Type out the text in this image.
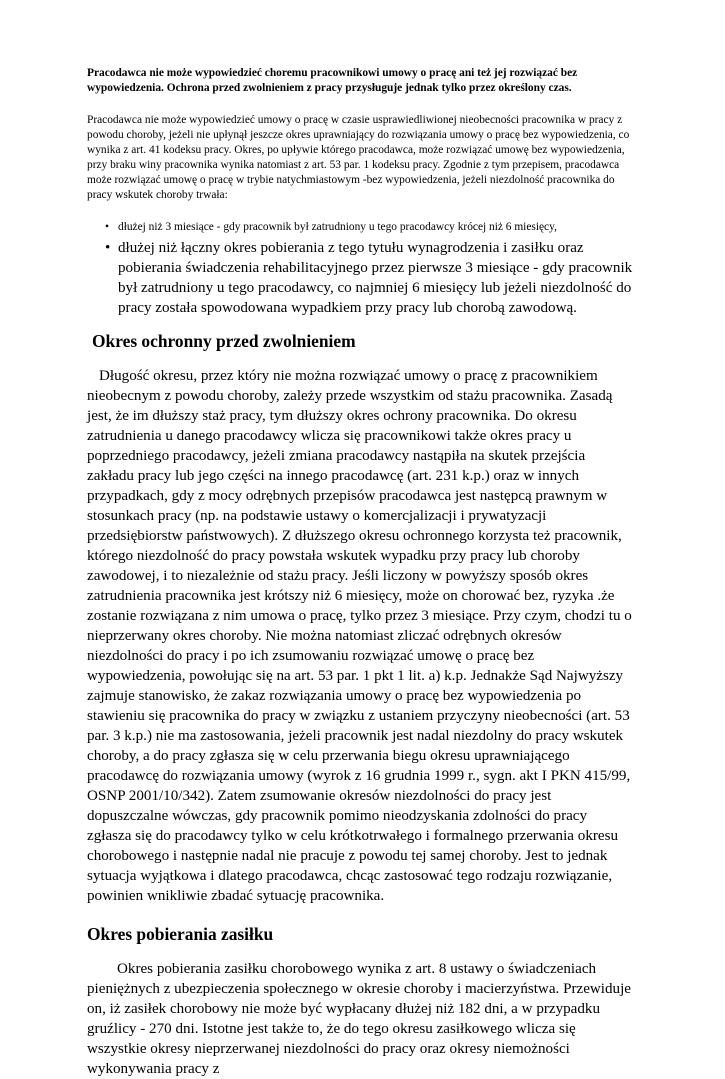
Pracodawca nie może wypowiedzieć choremu pracownikowi umowy o pracę ani też jej rozwiązać bez wypowiedzenia. Ochrona przed zwolnieniem z pracy przysługuje jednak tylko przez określony czas.

Pracodawca nie może wypowiedzieć umowy o pracę w czasie usprawiedliwionej nieobecności pracownika w pracy z powodu choroby, jeżeli nie upłynął jeszcze okres uprawniający do rozwiązania umowy o pracę bez wypowiedzenia, co wynika z art. 41 kodeksu pracy. Okres, po upływie którego pracodawca, może rozwiązać umowę bez wypowiedzenia, przy braku winy pracownika wynika natomiast z art. 53 par. 1 kodeksu pracy. Zgodnie z tym przepisem, pracodawca może rozwiązać umowę o pracę w trybie natychmiastowym -bez wypowiedzenia, jeżeli niezdolność pracownika do pracy wskutek choroby trwała:

• dłużej niż 3 miesiące - gdy pracownik był zatrudniony u tego pracodawcy krócej niż 6 miesięcy,
• dłużej niż łączny okres pobierania z tego tytułu wynagrodzenia i zasiłku oraz pobierania świadczenia rehabilitacyjnego przez pierwsze 3 miesiące - gdy pracownik był zatrudniony u tego pracodawcy, co najmniej 6 miesięcy lub jeżeli niezdolność do pracy została spowodowana wypadkiem przy pracy lub chorobą zawodową.
Okres ochronny przed zwolnieniem

Długość okresu, przez który nie można rozwiązać umowy o pracę z pracownikiem nieobecnym z powodu choroby, zależy przede wszystkim od stażu pracownika. Zasadą jest, że im dłuższy staż pracy, tym dłuższy okres ochrony pracownika. Do okresu zatrudnienia u danego pracodawcy wlicza się pracownikowi także okres pracy u poprzedniego pracodawcy, jeżeli zmiana pracodawcy nastąpiła na skutek przejścia zakładu pracy lub jego części na innego pracodawcę (art. 231 k.p.) oraz w innych przypadkach, gdy z mocy odrębnych przepisów pracodawca jest następcą prawnym w stosunkach pracy (np. na podstawie ustawy o komercjalizacji i prywatyzacji przedsiębiorstw państwowych). Z dłuższego okresu ochronnego korzysta też pracownik, którego niezdolność do pracy powstała wskutek wypadku przy pracy lub choroby zawodowej, i to niezależnie od stażu pracy. Jeśli liczony w powyższy sposób okres zatrudnienia pracownika jest krótszy niż 6 miesięcy, może on chorować bez, ryzyka .że zostanie rozwiązana z nim umowa o pracę, tylko przez 3 miesiące. Przy czym, chodzi tu o nieprzerwany okres choroby. Nie można natomiast zliczać odrębnych okresów niezdolności do pracy i po ich zsumowaniu rozwiązać umowę o pracę bez wypowiedzenia, powołując się na art. 53 par. 1 pkt 1 lit. a) k.p. Jednakże Sąd Najwyższy zajmuje stanowisko, że zakaz rozwiązania umowy o pracę bez wypowiedzenia po stawieniu się pracownika do pracy w związku z ustaniem przyczyny nieobecności (art. 53 par. 3 k.p.) nie ma zastosowania, jeżeli pracownik jest nadal niezdolny do pracy wskutek choroby, a do pracy zgłasza się w celu przerwania biegu okresu uprawniającego pracodawcę do rozwiązania umowy (wyrok z 16 grudnia 1999 r., sygn. akt I PKN 415/99, OSNP 2001/10/342). Zatem zsumowanie okresów niezdolności do pracy jest dopuszczalne wówczas, gdy pracownik pomimo nieodzyskania zdolności do pracy zgłasza się do pracodawcy tylko w celu krótkotrwałego i formalnego przerwania okresu chorobowego i następnie nadal nie pracuje z powodu tej samej choroby. Jest to jednak sytuacja wyjątkowa i dlatego pracodawca, chcąc zastosować tego rodzaju rozwiązanie, powinien wnikliwie zbadać sytuację pracownika.

Okres pobierania zasiłku

Okres pobierania zasiłku chorobowego wynika z art. 8 ustawy o świadczeniach pieniężnych z ubezpieczenia społecznego w okresie choroby i macierzyństwa. Przewiduje on, iż zasiłek chorobowy nie może być wypłacany dłużej niż 182 dni, a w przypadku gruźlicy - 270 dni. Istotne jest także to, że do tego okresu zasiłkowego wlicza się wszystkie okresy nieprzerwanej niezdolności do pracy oraz okresy niemożności wykonywania pracy z
